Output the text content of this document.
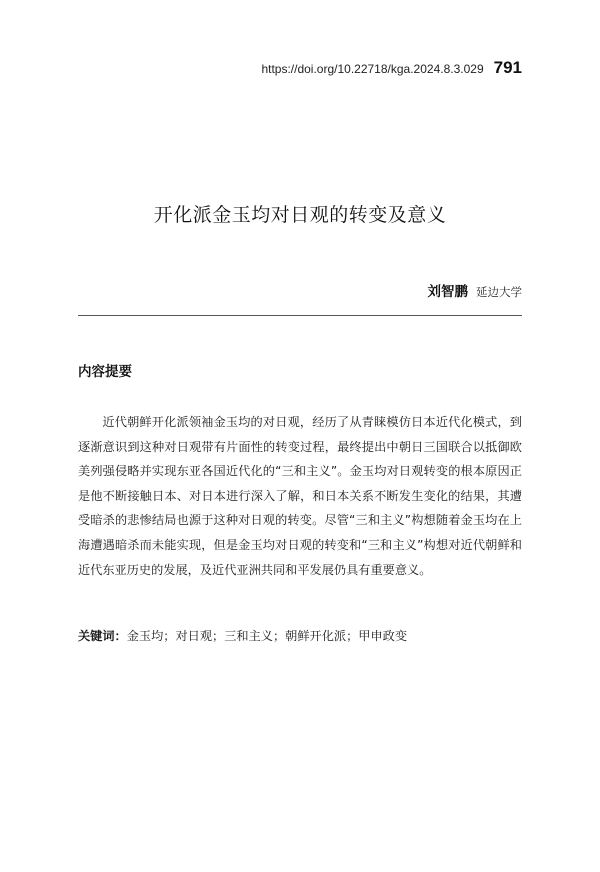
https://doi.org/10.22718/kga.2024.8.3.029 791
开化派金玉均对日观的转变及意义
刘智鹏 延边大学
内容提要
近代朝鲜开化派领袖金玉均的对日观，经历了从青睐模仿日本近代化模式，到逐渐意识到这种对日观带有片面性的转变过程，最终提出中朝日三国联合以抵御欧美列强侵略并实现东亚各国近代化的“三和主义”。金玉均对日观转变的根本原因正是他不断接触日本、对日本进行深入了解，和日本关系不断发生变化的结果，其遭受暗杀的悲惨结局也源于这种对日观的转变。尽管“三和主义”构想随着金玉均在上海遭遇暗杀而未能实现，但是金玉均对日观的转变和“三和主义”构想对近代朝鲜和近代东亚历史的发展，及近代亚洲共同和平发展仍具有重要意义。
关键词：金玉均；对日观；三和主义；朝鲜开化派；甲申政变
